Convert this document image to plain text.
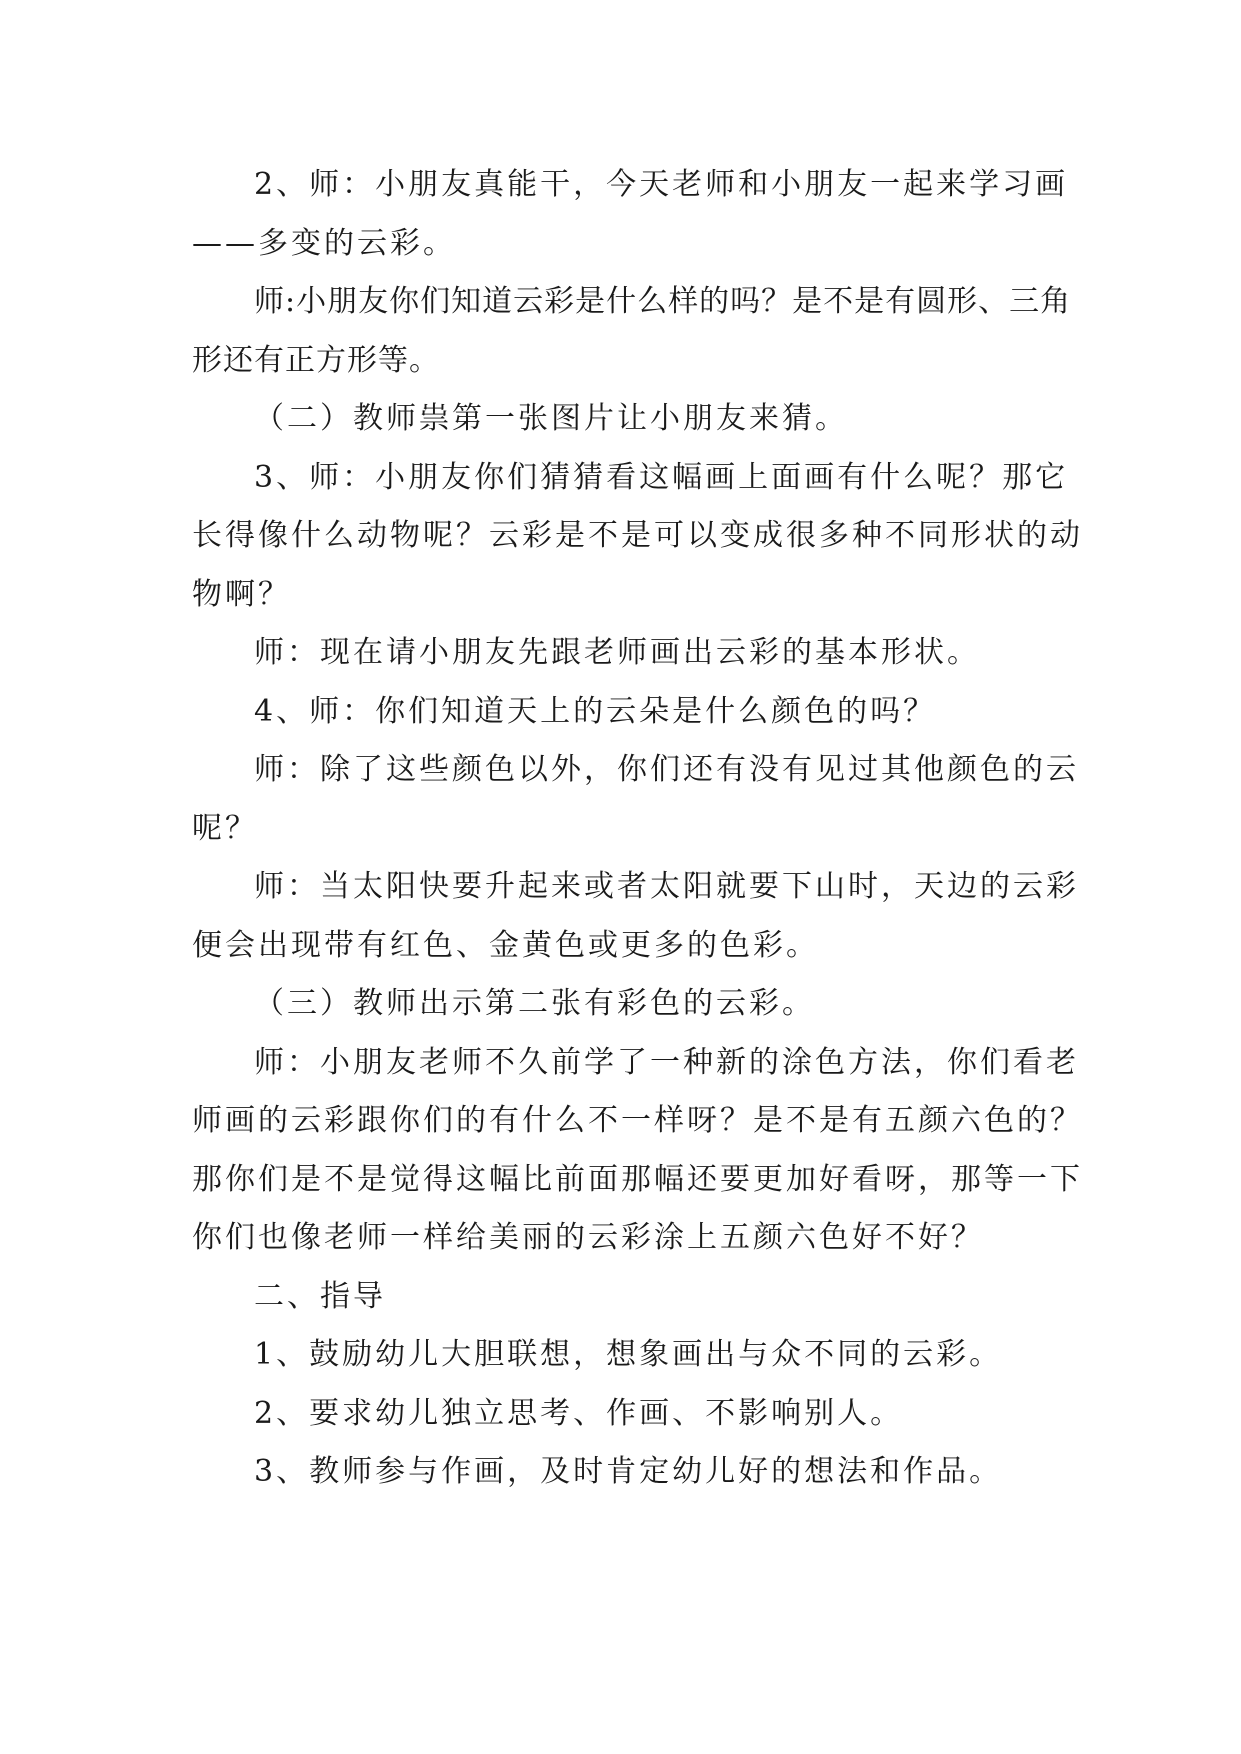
2、师：小朋友真能干，今天老师和小朋友一起来学习画——多变的云彩。

师:小朋友你们知道云彩是什么样的吗？是不是有圆形、三角形还有正方形等。

（二）教师祟第一张图片让小朋友来猜。

3、师：小朋友你们猜猜看这幅画上面画有什么呢？那它长得像什么动物呢？云彩是不是可以变成很多种不同形状的动物啊？

师：现在请小朋友先跟老师画出云彩的基本形状。

4、师：你们知道天上的云朵是什么颜色的吗？

师：除了这些颜色以外，你们还有没有见过其他颜色的云呢？

师：当太阳快要升起来或者太阳就要下山时，天边的云彩便会出现带有红色、金黄色或更多的色彩。

（三）教师出示第二张有彩色的云彩。

师：小朋友老师不久前学了一种新的涂色方法，你们看老师画的云彩跟你们的有什么不一样呀？是不是有五颜六色的？那你们是不是觉得这幅比前面那幅还要更加好看呀，那等一下你们也像老师一样给美丽的云彩涂上五颜六色好不好？

二、指导

1、鼓励幼儿大胆联想，想象画出与众不同的云彩。

2、要求幼儿独立思考、作画、不影响别人。

3、教师参与作画，及时肯定幼儿好的想法和作品。
